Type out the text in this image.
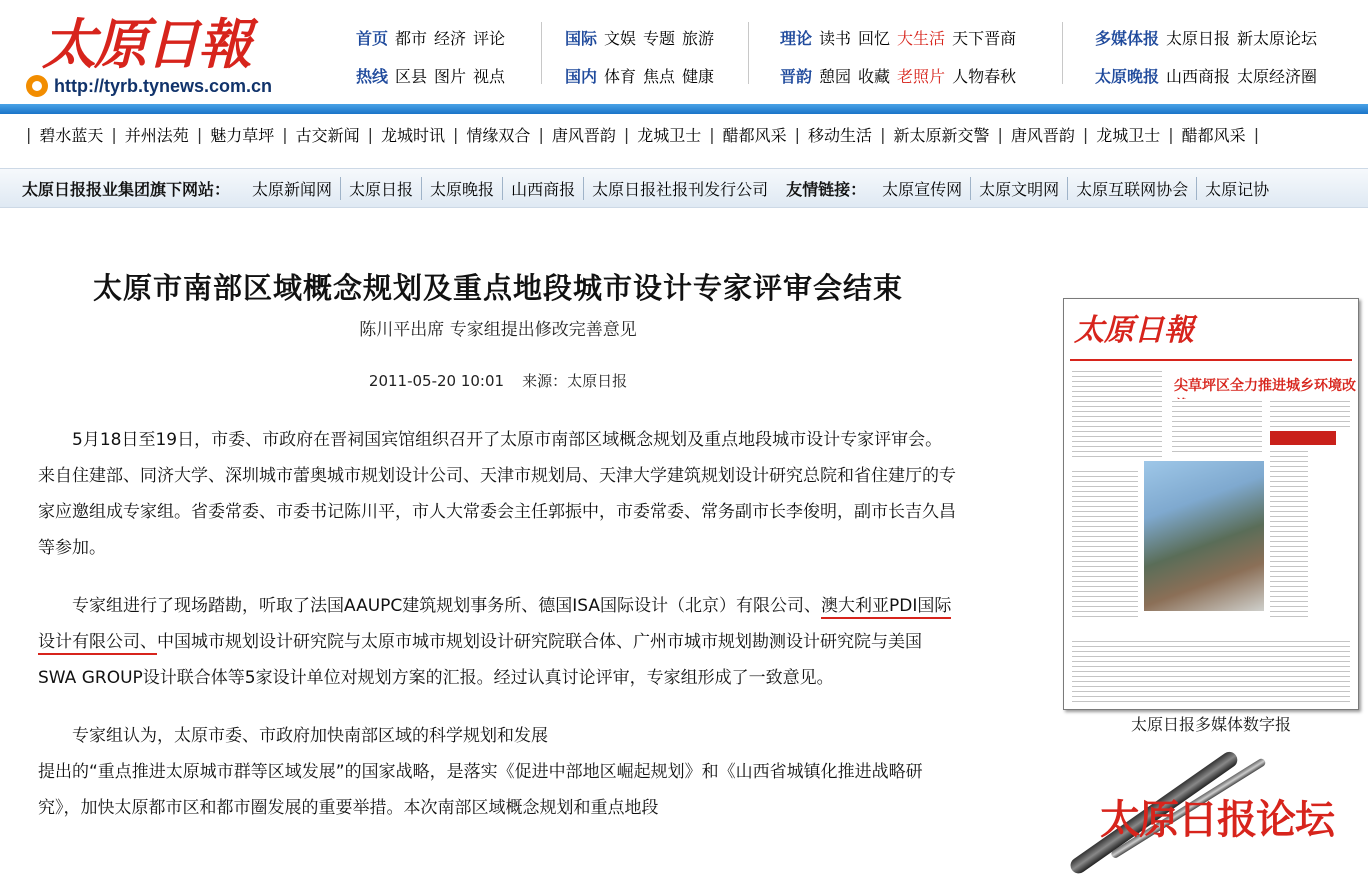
太原日報
http://tyrb.tynews.com.cn
首页 都市 经济 评论
热线 区县 图片 视点
国际 文娱 专题 旅游
国内 体育 焦点 健康
理论 读书 回忆 大生活 天下晋商
晋韵 憩园 收藏 老照片 人物春秋
多媒体报 太原日报 新太原论坛
太原晚报 山西商报 太原经济圈
| 碧水蓝天 | 并州法苑 | 魅力草坪 | 古交新闻 | 龙城时讯 | 情缘双合 | 唐风晋韵 | 龙城卫士 | 醋都风采 | 移动生活 | 新太原新交警 | 唐风晋韵 | 龙城卫士 | 醋都风采 |
太原日报报业集团旗下网站：	太原新闻网	太原日报	太原晚报	山西商报	太原日报社报刊发行公司	友情链接：	太原宣传网	太原文明网	太原互联网协会	太原记协
太原市南部区域概念规划及重点地段城市设计专家评审会结束
陈川平出席 专家组提出修改完善意见
2011-05-20 10:01 来源：太原日报

5月18日至19日，市委、市政府在晋祠国宾馆组织召开了太原市南部区域概念规划及重点地段城市设计专家评审会。来自住建部、同济大学、深圳城市蕾奥城市规划设计公司、天津市规划局、天津大学建筑规划设计研究总院和省住建厅的专家应邀组成专家组。省委常委、市委书记陈川平，市人大常委会主任郭振中，市委常委、常务副市长李俊明，副市长吉久昌等参加。

专家组进行了现场踏勘，听取了法国AAUPC建筑规划事务所、德国ISA国际设计（北京）有限公司、澳大利亚PDI国际设计有限公司、中国城市规划设计研究院与太原市城市规划设计研究院联合体、广州市城市规划勘测设计研究院与美国SWA GROUP设计联合体等5家设计单位对规划方案的汇报。经过认真讨论评审，专家组形成了一致意见。

专家组认为，太原市委、市政府加快南部区域的科学规划和发展
提出的“重点推进太原城市群等区域发展”的国家战略，是落实《促进中部地区崛起规划》和《山西省城镇化推进战略研究》，加快太原都市区和都市圈发展的重要举措。本次南部区域概念规划和重点地段

太原日報
尖草坪区全力推进城乡环境改
太原日报多媒体数字报
太原日报论坛
